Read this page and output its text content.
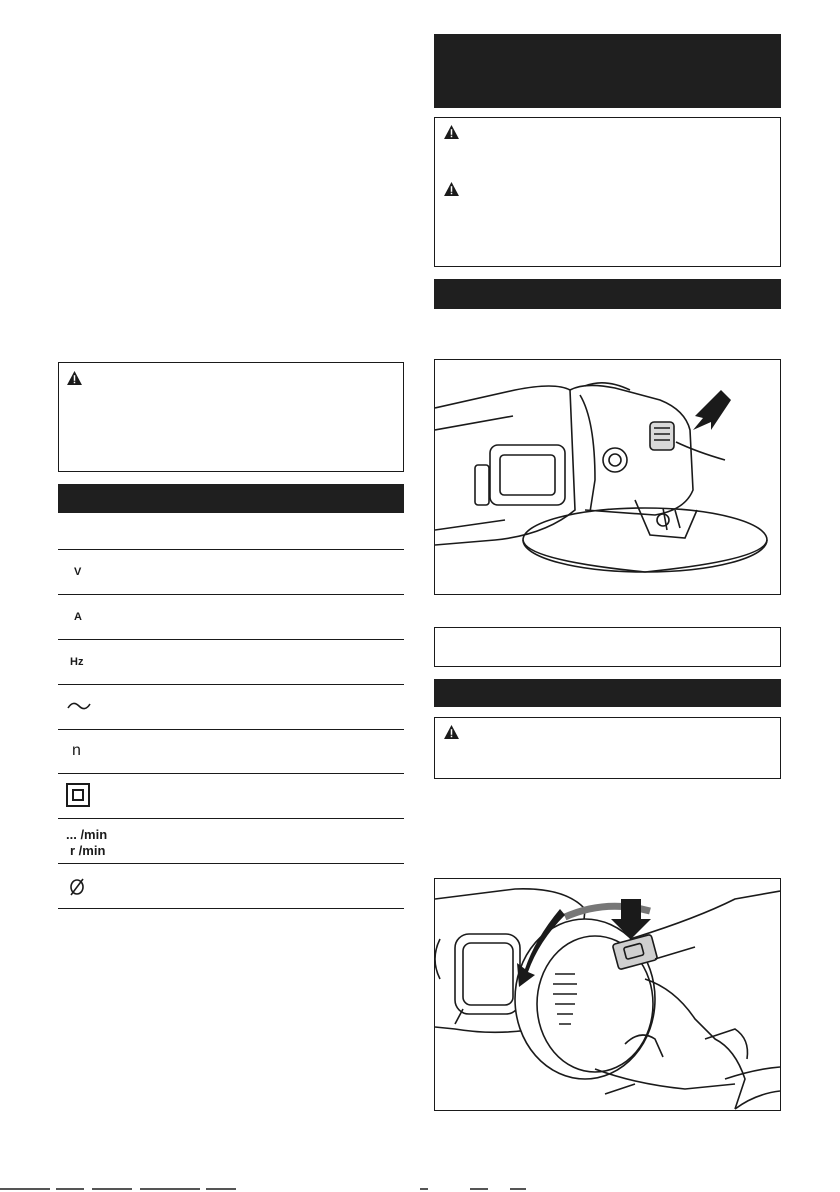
V
A
Hz
n
... /min
r /min
